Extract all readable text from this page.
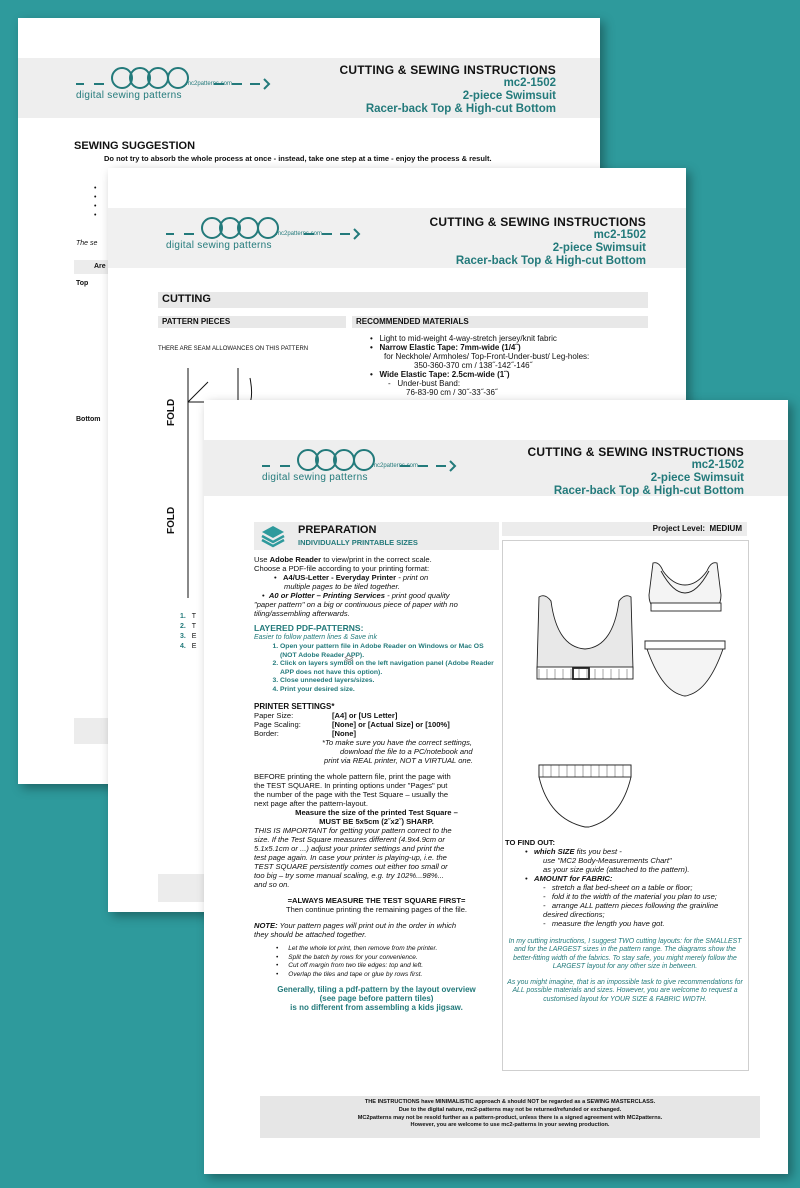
mc2patterns.com
digital sewing patterns
CUTTING & SEWING INSTRUCTIONS
mc2-1502
2-piece Swimsuit
Racer-back Top & High-cut Bottom
SEWING SUGGESTION
Do not try to absorb the whole process at once - instead, take one step at a time - enjoy the process & result.
•
•
•
•
The se
Are
Top
Bottom
mc2patterns.com
digital sewing patterns
CUTTING & SEWING INSTRUCTIONS
mc2-1502
2-piece Swimsuit
Racer-back Top & High-cut Bottom
CUTTING
PATTERN PIECES	RECOMMENDED MATERIALS
THERE ARE SEAM ALLOWANCES ON THIS PATTERN
FOLD
FOLD
•   Light to mid-weight 4-way-stretch jersey/knit fabric
•   Narrow Elastic Tape: 7mm-wide (1/4˝)
for Neckhole/ Armholes/ Top-Front-Under-bust/ Leg-holes:
350-360-370 cm / 138˝-142˝-146˝
•   Wide Elastic Tape: 2.5cm-wide (1˝)
-   Under-bust Band:
76-83-90 cm / 30˝-33˝-36˝
1. T
2. T
3. E
4. E
mc2patterns.com
digital sewing patterns
CUTTING & SEWING INSTRUCTIONS
mc2-1502
2-piece Swimsuit
Racer-back Top & High-cut Bottom
PREPARATION
INDIVIDUALLY PRINTABLE SIZES
Project Level: MEDIUM

Use Adobe Reader to view/print in the correct scale.

Choose a PDF-file according to your printing format:

•   A4/US-Letter - Everyday Printer - print on

multiple pages to be tiled together.

•  A0 or Plotter – Printing Services - print good quality

"paper pattern" on a big or continuous piece of paper with no

tiling/assembling afterwards.

LAYERED PDF-PATTERNS:

Easier to follow pattern lines & Save ink

1. Open your pattern file in Adobe Reader on Windows or Mac OS (NOT Adobe Reader APP).
2. Click on layers symbol on the left navigation panel (Adobe Reader APP does not have this option).
3. Close unneeded layers/sizes.
4. Print your desired size.

PRINTER SETTINGS*

Paper Size:	[A4] or [US Letter]
Page Scaling:	[None] or [Actual Size] or [100%]
Border:	[None]

*To make sure you have the correct settings,

download the file to a PC/notebook and

print via REAL printer, NOT a VIRTUAL one.

BEFORE printing the whole pattern file, print the page with

the TEST SQUARE. In printing options under "Pages" put

the number of the page with the Test Square – usually the

next page after the pattern-layout.

Measure the size of the printed Test Square –

MUST BE 5x5cm (2˝x2˝) SHARP.

THIS IS IMPORTANT for getting your pattern correct to the

size. If the Test Square measures different (4.9x4.9cm or

5.1x5.1cm or ...) adjust your printer settings and print the

test page again. In case your printer is playing-up, i.e. the

TEST SQUARE persistently comes out either too small or

too big – try some manual scaling, e.g. try 102%...98%...

and so on.

=ALWAYS MEASURE THE TEST SQUARE FIRST=

Then continue printing the remaining pages of the file.

NOTE: Your pattern pages will print out in the order in which

they should be attached together.

• Let the whole lot print, then remove from the printer.
• Split the batch by rows for your convenience.
• Cut off margin from two tile edges: top and left.
• Overlap the tiles and tape or glue by rows first.

Generally, tiling a pdf-pattern by the layout overview

(see page before pattern tiles)

is no different from assembling a kids jigsaw.

TO FIND OUT:
•   which SIZE fits you best -
use "MC2 Body-Measurements Chart"
as your size guide (attached to the pattern).
•   AMOUNT for FABRIC:
-   stretch a flat bed-sheet on a table or floor;
-   fold it to the width of the material you plan to use;
-   arrange ALL pattern pieces following the grainline desired directions;
-   measure the length you have got.
In my cutting instructions, I suggest TWO cutting layouts: for the SMALLEST and for the LARGEST sizes in the pattern range. The diagrams show the better-fitting width of the fabrics. To stay safe, you might merely follow the LARGEST layout for any other size in between.
As you might imagine, that is an impossible task to give recommendations for ALL possible materials and sizes. However, you are welcome to request a customised layout for YOUR SIZE & FABRIC WIDTH.
THE INSTRUCTIONS have MINIMALISTIC approach & should NOT be regarded as a SEWING MASTERCLASS.
Due to the digital nature, mc2-patterns may not be returned/refunded or exchanged.
MC2patterns may not be resold further as a pattern-product, unless there is a signed agreement with MC2patterns.
However, you are welcome to use mc2-patterns in your sewing production.
